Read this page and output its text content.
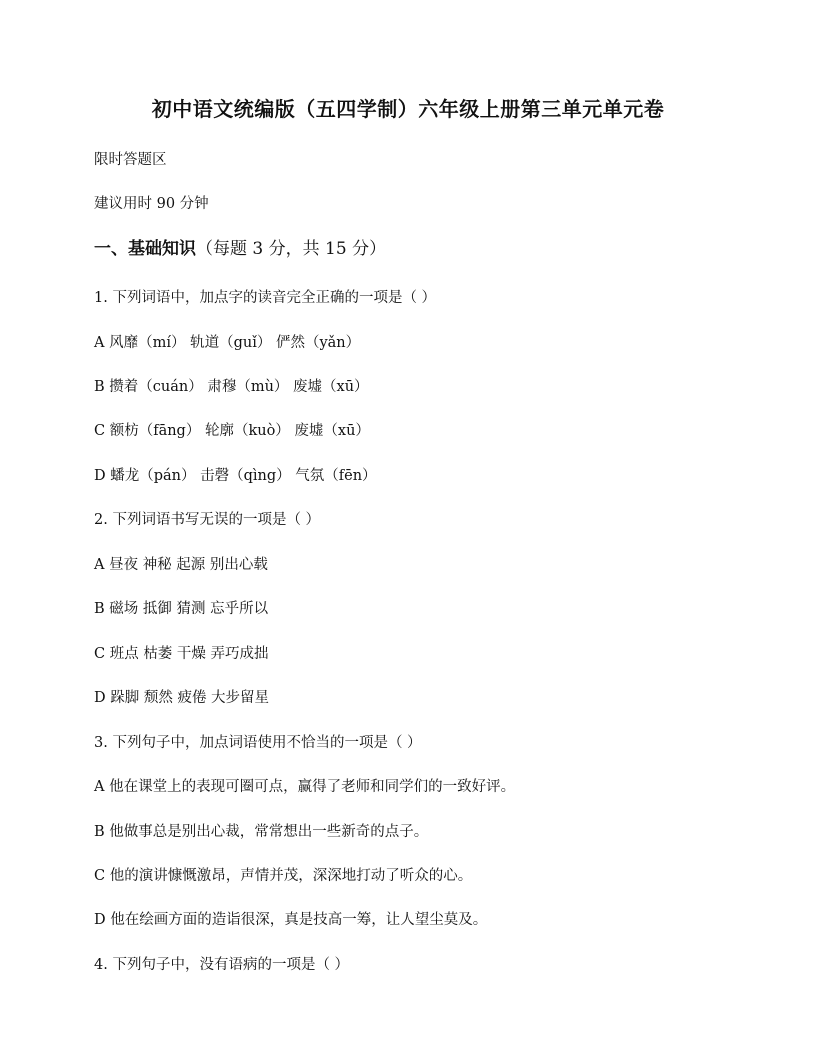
初中语文统编版（五四学制）六年级上册第三单元单元卷
限时答题区
建议用时 90 分钟
一、基础知识（每题 3 分，共 15 分）
1. 下列词语中，加点字的读音完全正确的一项是（ ）
A 风靡（mí） 轨道（guǐ） 俨然（yǎn）
B 攒着（cuán） 肃穆（mù） 废墟（xū）
C 额枋（fāng） 轮廓（kuò） 废墟（xū）
D 蟠龙（pán） 击磬（qìng） 气氛（fēn）
2. 下列词语书写无误的一项是（ ）
A 昼夜 神秘 起源 别出心载
B 磁场 抵御 猜测 忘乎所以
C 班点 枯萎 干燥 弄巧成拙
D 跺脚 颓然 疲倦 大步留星
3. 下列句子中，加点词语使用不恰当的一项是（ ）
A 他在课堂上的表现可圈可点，赢得了老师和同学们的一致好评。
B 他做事总是别出心裁，常常想出一些新奇的点子。
C 他的演讲慷慨激昂，声情并茂，深深地打动了听众的心。
D 他在绘画方面的造诣很深，真是技高一筹，让人望尘莫及。
4. 下列句子中，没有语病的一项是（ ）
